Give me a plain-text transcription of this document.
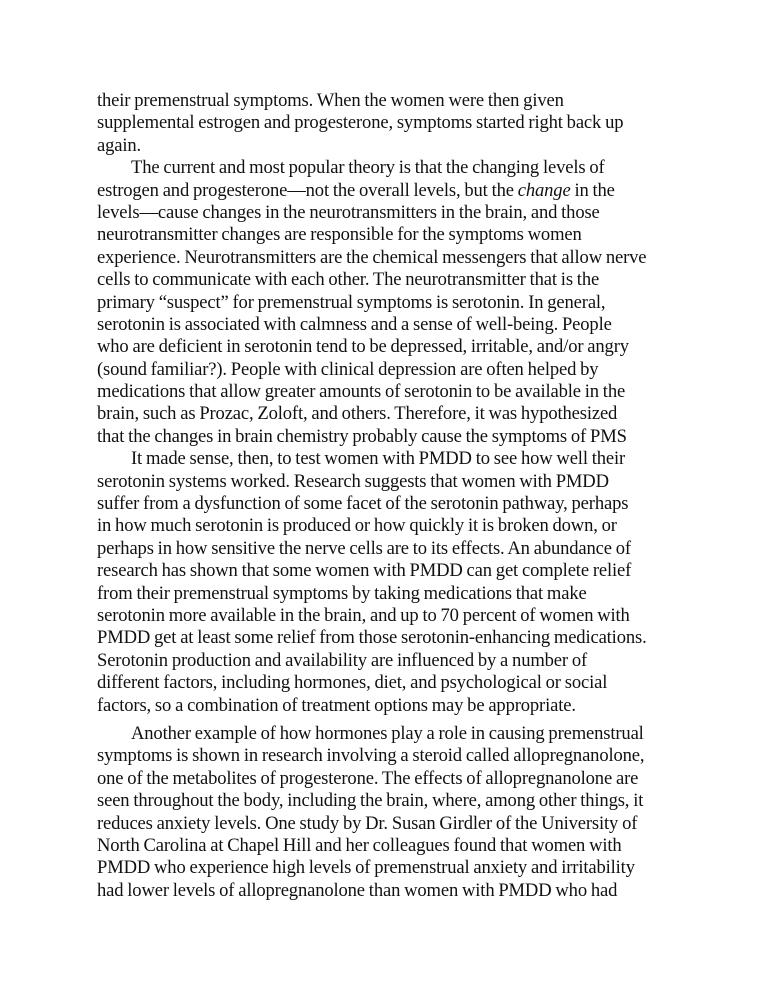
their premenstrual symptoms. When the women were then given
supplemental estrogen and progesterone, symptoms started right back up
again.
The current and most popular theory is that the changing levels of
estrogen and progesterone—not the overall levels, but the change in the
levels—cause changes in the neurotransmitters in the brain, and those
neurotransmitter changes are responsible for the symptoms women
experience. Neurotransmitters are the chemical messengers that allow nerve
cells to communicate with each other. The neurotransmitter that is the
primary “suspect” for premenstrual symptoms is serotonin. In general,
serotonin is associated with calmness and a sense of well-being. People
who are deficient in serotonin tend to be depressed, irritable, and/or angry
(sound familiar?). People with clinical depression are often helped by
medications that allow greater amounts of serotonin to be available in the
brain, such as Prozac, Zoloft, and others. Therefore, it was hypothesized
that the changes in brain chemistry probably cause the symptoms of PMS
It made sense, then, to test women with PMDD to see how well their
serotonin systems worked. Research suggests that women with PMDD
suffer from a dysfunction of some facet of the serotonin pathway, perhaps
in how much serotonin is produced or how quickly it is broken down, or
perhaps in how sensitive the nerve cells are to its effects. An abundance of
research has shown that some women with PMDD can get complete relief
from their premenstrual symptoms by taking medications that make
serotonin more available in the brain, and up to 70 percent of women with
PMDD get at least some relief from those serotonin-enhancing medications.
Serotonin production and availability are influenced by a number of
different factors, including hormones, diet, and psychological or social
factors, so a combination of treatment options may be appropriate.
Another example of how hormones play a role in causing premenstrual
symptoms is shown in research involving a steroid called allopregnanolone,
one of the metabolites of progesterone. The effects of allopregnanolone are
seen throughout the body, including the brain, where, among other things, it
reduces anxiety levels. One study by Dr. Susan Girdler of the University of
North Carolina at Chapel Hill and her colleagues found that women with
PMDD who experience high levels of premenstrual anxiety and irritability
had lower levels of allopregnanolone than women with PMDD who had
